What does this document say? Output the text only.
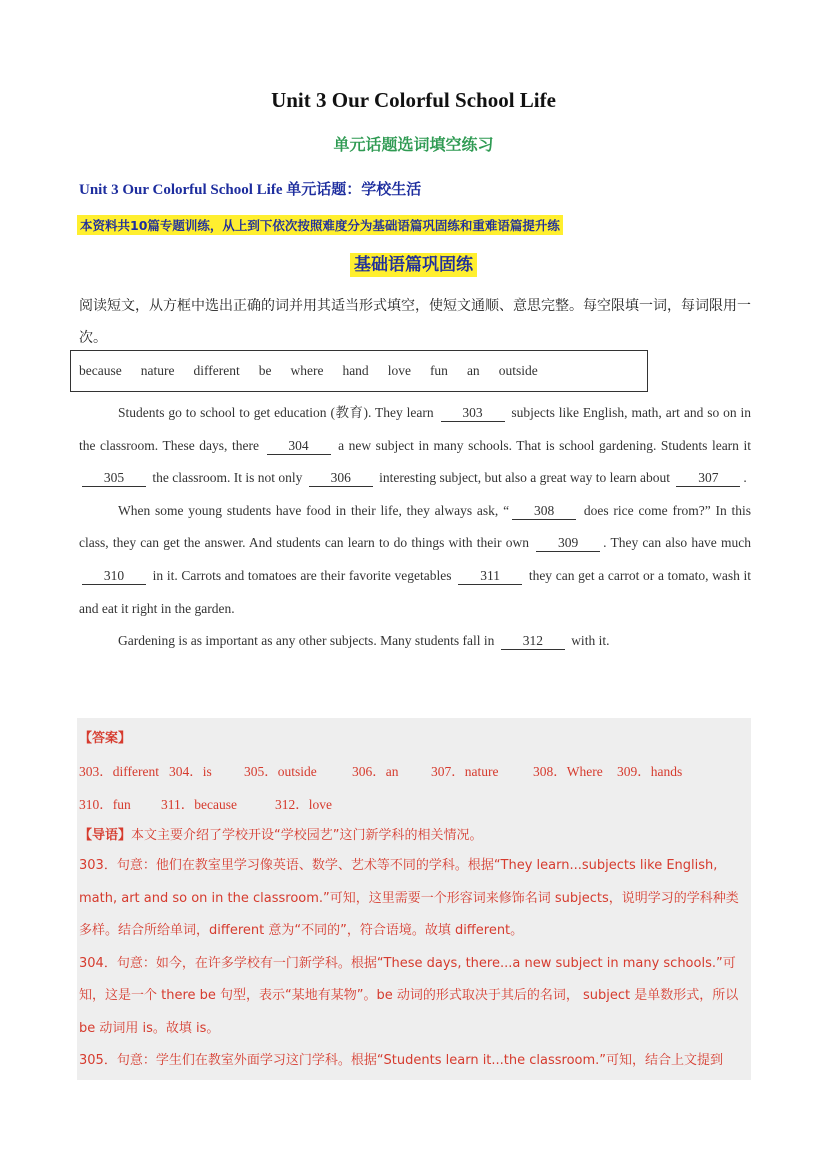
Unit 3 Our Colorful School Life
单元话题选词填空练习
Unit 3 Our Colorful School Life 单元话题：学校生活
本资料共10篇专题训练，从上到下依次按照难度分为基础语篇巩固练和重难语篇提升练
基础语篇巩固练
阅读短文，从方框中选出正确的词并用其适当形式填空，使短文通顺、意思完整。每空限填一词，每词限用一次。
because nature different be where hand love fun an outside

Students go to school to get education (教育). They learn 303 subjects like English, math, art and so on in the classroom. These days, there 304 a new subject in many schools. That is school gardening. Students learn it 305 the classroom. It is not only 306 interesting subject, but also a great way to learn about 307 .

When some young students have food in their life, they always ask, “ 308 does rice come from?” In this class, they can get the answer. And students can learn to do things with their own 309 . They can also have much 310 in it. Carrots and tomatoes are their favorite vegetables 311 they can get a carrot or a tomato, wash it and eat it right in the garden.

Gardening is as important as any other subjects. Many students fall in 312 with it.

【答案】
303．different 304．is 305．outside	306．an 307．nature	308．Where 309．hands
310．fun 311．because	312．love
【导语】本文主要介绍了学校开设“学校园艺”这门新学科的相关情况。

303．句意：他们在教室里学习像英语、数学、艺术等不同的学科。根据“They learn...subjects like English, math, art and so on in the classroom.”可知，这里需要一个形容词来修饰名词 subjects，说明学习的学科种类多样。结合所给单词，different 意为“不同的”，符合语境。故填 different。

304．句意：如今，在许多学校有一门新学科。根据“These days, there...a new subject in many schools.”可知，这是一个 there be 句型，表示“某地有某物”。be 动词的形式取决于其后的名词， subject 是单数形式，所以 be 动词用 is。故填 is。

305．句意：学生们在教室外面学习这门学科。根据“Students learn it...the classroom.”可知，结合上文提到
